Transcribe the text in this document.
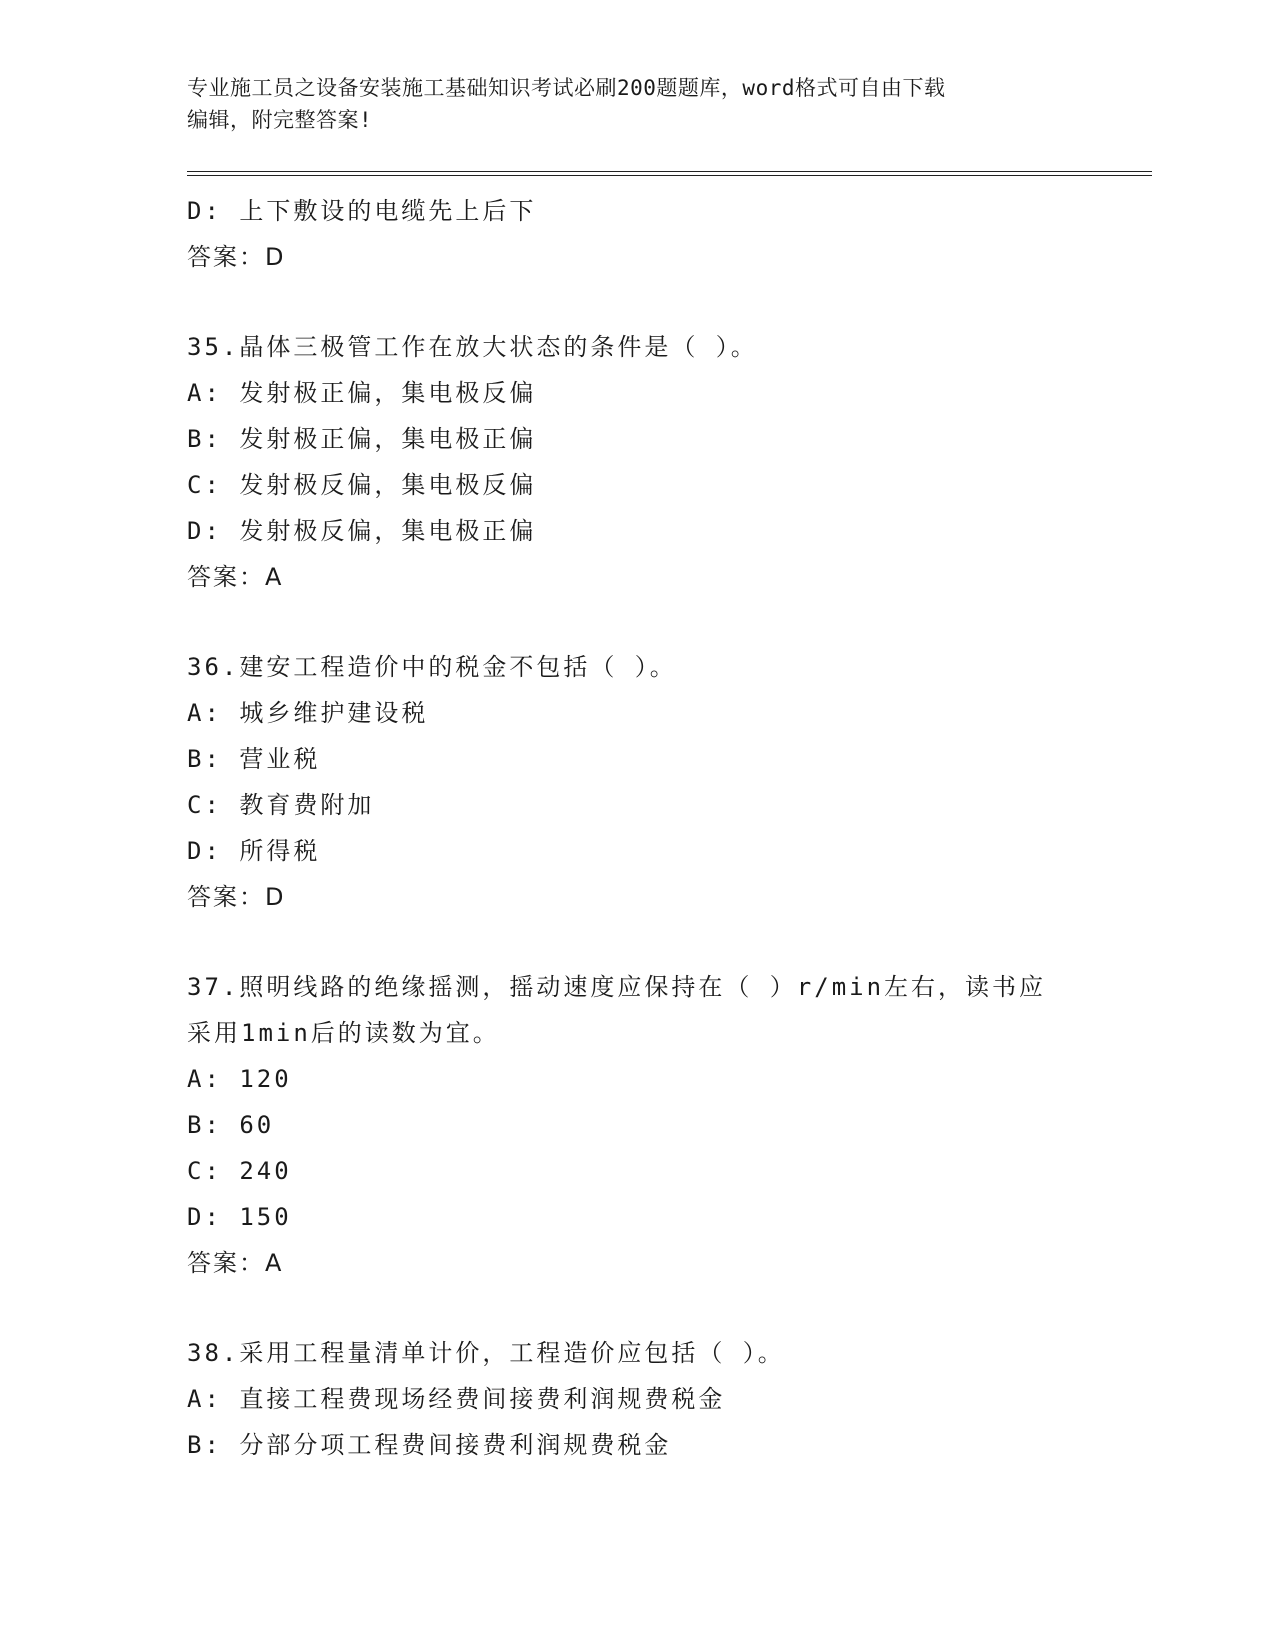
专业施工员之设备安装施工基础知识考试必刷200题题库，word格式可自由下载
编辑，附完整答案!
D: 上下敷设的电缆先上后下
答案：D
35.晶体三极管工作在放大状态的条件是（ ）。
A: 发射极正偏，集电极反偏
B: 发射极正偏，集电极正偏
C: 发射极反偏，集电极反偏
D: 发射极反偏，集电极正偏
答案：A
36.建安工程造价中的税金不包括（ ）。
A: 城乡维护建设税
B: 营业税
C: 教育费附加
D: 所得税
答案：D
37.照明线路的绝缘摇测，摇动速度应保持在（ ）r/min左右，读书应
采用1min后的读数为宜。
A: 120
B: 60
C: 240
D: 150
答案：A
38.采用工程量清单计价，工程造价应包括（ ）。
A: 直接工程费现场经费间接费利润规费税金
B: 分部分项工程费间接费利润规费税金
